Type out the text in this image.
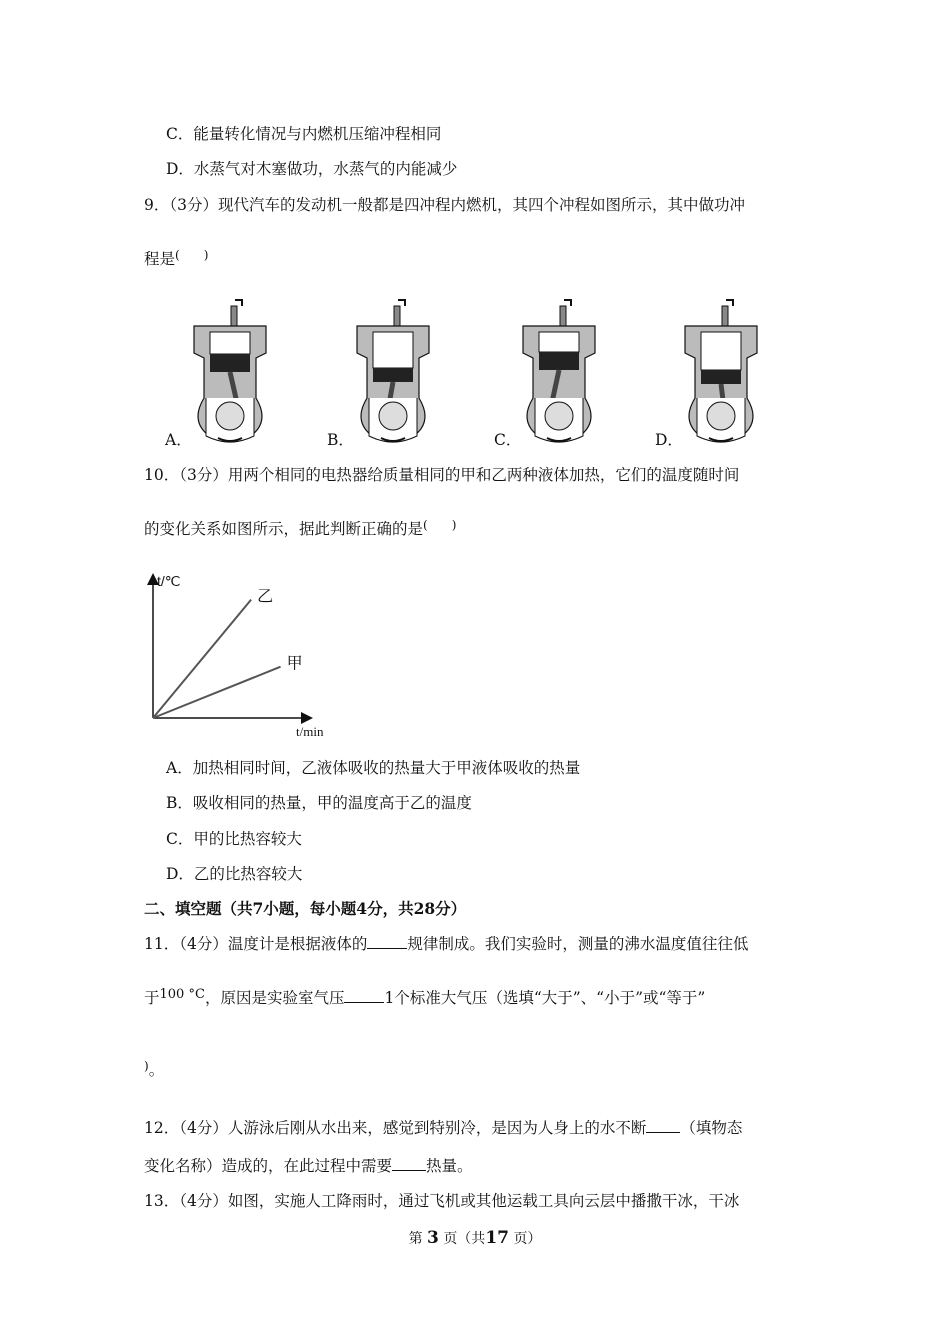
C．能量转化情况与内燃机压缩冲程相同
D．水蒸气对木塞做功，水蒸气的内能减少
9．（3分）现代汽车的发动机一般都是四冲程内燃机，其四个冲程如图所示，其中做功冲
程是(　　)
A．	B．	C．	D．
10．（3分）用两个相同的电热器给质量相同的甲和乙两种液体加热，它们的温度随时间
的变化关系如图所示，据此判断正确的是(　　)
t/℃
t/min
乙
甲
A．加热相同时间，乙液体吸收的热量大于甲液体吸收的热量
B．吸收相同的热量，甲的温度高于乙的温度
C．甲的比热容较大
D．乙的比热容较大
二、填空题（共7小题，每小题4分，共28分）
11．（4分）温度计是根据液体的	规律制成。我们实验时，测量的沸水温度值往往低
于$^{100 ^\circ C}$，原因是实验室气压	1个标准大气压（选填“大于”、“小于”或“等于”
)。
12．（4分）人游泳后刚从水出来，感觉到特别冷，是因为人身上的水不断 （填物态
变化名称）造成的，在此过程中需要 热量。
13．（4分）如图，实施人工降雨时，通过飞机或其他运载工具向云层中播撒干冰，干冰
第 3 页（共17 页）
